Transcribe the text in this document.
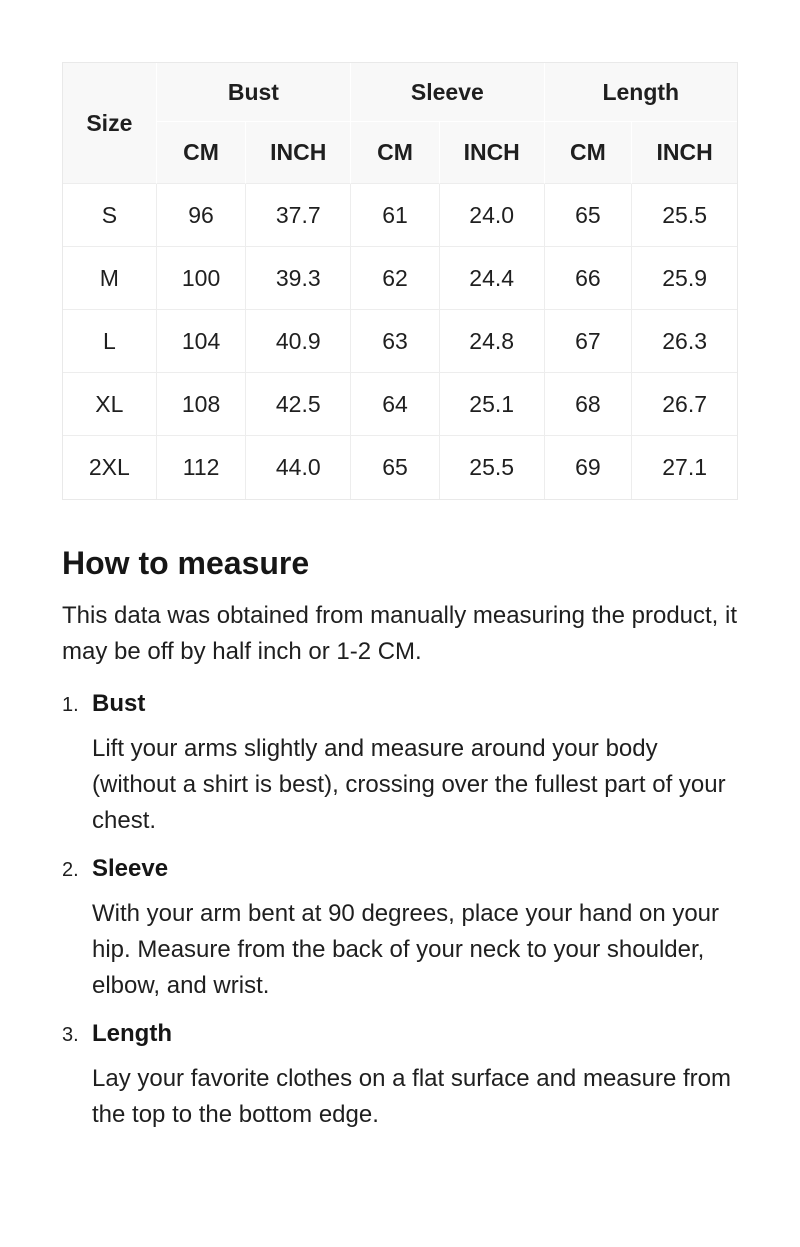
Size	Bust		Sleeve		Length	
	CM	INCH	CM	INCH	CM	INCH
S	96	37.7	61	24.0	65	25.5
M	100	39.3	62	24.4	66	25.9
L	104	40.9	63	24.8	67	26.3
XL	108	42.5	64	25.1	68	26.7
2XL	112	44.0	65	25.5	69	27.1
How to measure

This data was obtained from manually measuring the product, it may be off by half inch or 1-2 CM.

1. Bust

Lift your arms slightly and measure around your body (without a shirt is best), crossing over the fullest part of your chest.

2. Sleeve

With your arm bent at 90 degrees, place your hand on your hip. Measure from the back of your neck to your shoulder, elbow, and wrist.

3. Length

Lay your favorite clothes on a flat surface and measure from the top to the bottom edge.
